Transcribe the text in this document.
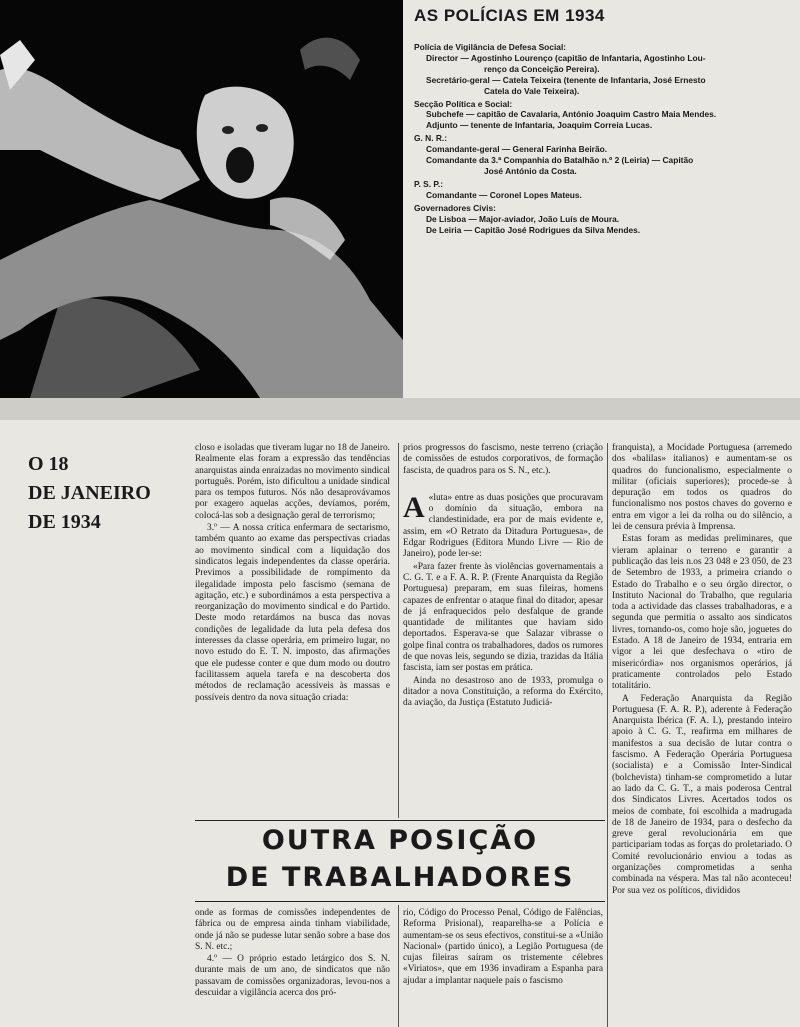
AS POLÍCIAS EM 1934
Polícia de Vigilância de Defesa Social:
Director — Agostinho Lourenço (capitão de Infantaria, Agostinho Lou-
renço da Conceição Pereira).
Secretário-geral — Catela Teixeira (tenente de Infantaria, José Ernesto
Catela do Vale Teixeira).
Secção Política e Social:
Subchefe — capitão de Cavalaria, António Joaquim Castro Maia Mendes.
Adjunto — tenente de Infantaria, Joaquim Correia Lucas.
G. N. R.:
Comandante-geral — General Farinha Beirão.
Comandante da 3.ª Companhia do Batalhão n.º 2 (Leiria) — Capitão
José António da Costa.
P. S. P.:
Comandante — Coronel Lopes Mateus.
Governadores Civis:
De Lisboa — Major-aviador, João Luís de Moura.
De Leiria — Capitão José Rodrigues da Silva Mendes.
O 18
DE JANEIRO
DE 1934

closo e isoladas que tiveram lugar no 18 de Janeiro. Realmente elas foram a expressão das tendências anarquistas ainda enraizadas no movimento sindical português. Porém, isto dificultou a unidade sindical para os tempos futuros. Nós não desaprovávamos por exagero aquelas acções, devíamos, porém, colocá-las sob a designação geral de terrorismo;

3.º — A nossa crítica enfermara de sectarismo, também quanto ao exame das perspectivas criadas ao movimento sindical com a liquidação dos sindicatos legais independentes da classe operária. Previmos a possibilidade de rompimento da ilegalidade imposta pelo fascismo (semana de agitação, etc.) e subordinámos a esta perspectiva a reorganização do movimento sindical e do Partido. Deste modo retardámos na busca das novas condições de legalidade da luta pela defesa dos interesses da classe operária, em primeiro lugar, no novo estudo do E. T. N. imposto, das afirmações que ele pudesse conter e que dum modo ou doutro facilitassem aquela tarefa e na descoberta dos métodos de reclamação acessíveis às massas e possíveis dentro da nova situação criada:

prios progressos do fascismo, neste terreno (criação de comissões de estudos corporativos, de formação fascista, de quadros para os S. N., etc.).

A «luta» entre as duas posições que procuravam o domínio da situação, embora na clandestinidade, era por de mais evidente e, assim, em «O Retrato da Ditadura Portuguesa», de Edgar Rodrigues (Editora Mundo Livre — Rio de Janeiro), pode ler-se:

«Para fazer frente às violências governamentais a C. G. T. e a F. A. R. P. (Frente Anarquista da Região Portuguesa) preparam, em suas fileiras, homens capazes de enfrentar o ataque final do ditador, apesar de já enfraquecidos pelo desfalque de grande quantidade de militantes que haviam sido deportados. Esperava-se que Salazar vibrasse o golpe final contra os trabalhadores, dados os rumores de que novas leis, segundo se dizia, trazidas da Itália fascista, iam ser postas em prática.

Ainda no desastroso ano de 1933, promulga o ditador a nova Constituição, a reforma do Exército, da aviação, da Justiça (Estatuto Judiciá-

franquista), a Mocidade Portuguesa (arremedo dos «balilas» italianos) e aumentam-se os quadros do funcionalismo, especialmente o militar (oficiais superiores); procede-se à depuração em todos os quadros do funcionalismo nos postos chaves do governo e entra em vigor a lei da rolha ou do silêncio, a lei de censura prévia à Imprensa.

Estas foram as medidas preliminares, que vieram aplainar o terreno e garantir a publicação das leis n.os 23 048 e 23 050, de 23 de Setembro de 1933, a primeira criando o Estado do Trabalho e o seu órgão director, o Instituto Nacional do Trabalho, que regularia toda a actividade das classes trabalhadoras, e a segunda que permitia o assalto aos sindicatos livres, tornando-os, como hoje são, joguetes do Estado. A 18 de Janeiro de 1934, entraria em vigor a lei que desfechava o «tiro de misericórdia» nos organismos operários, já praticamente controlados pelo Estado totalitário.

A Federação Anarquista da Região Portuguesa (F. A. R. P.), aderente à Federação Anarquista Ibérica (F. A. I.), prestando inteiro apoio à C. G. T., reafirma em milhares de manifestos a sua decisão de lutar contra o fascismo. A Federação Operária Portuguesa (socialista) e a Comissão Inter-Sindical (bolchevista) tinham-se comprometido a lutar ao lado da C. G. T., a mais poderosa Central dos Sindicatos Livres. Acertados todos os meios de combate, foi escolhida a madrugada de 18 de Janeiro de 1934, para o desfecho da greve geral revolucionária em que participariam todas as forças do proletariado. O Comité revolucionário enviou a todas as organizações comprometidas a senha combinada na véspera. Mas tal não aconteceu! Por sua vez os políticos, divididos

OUTRA POSIÇÃO
DE TRABALHADORES

onde as formas de comissões independentes de fábrica ou de empresa ainda tinham viabilidade, onde já não se pudesse lutar senão sobre a base dos S. N. etc.;

4.º — O próprio estado letárgico dos S. N. durante mais de um ano, de sindicatos que não passavam de comissões organizadoras, levou-nos a descuidar a vigilância acerca dos pró-

rio, Código do Processo Penal, Código de Falências, Reforma Prisional), reaparelha-se a Polícia e aumentam-se os seus efectivos, constitui-se a «União Nacional» (partido único), a Legião Portuguesa (de cujas fileiras saíram os tristemente célebres «Viriatos», que em 1936 invadiram a Espanha para ajudar a implantar naquele país o fascismo
